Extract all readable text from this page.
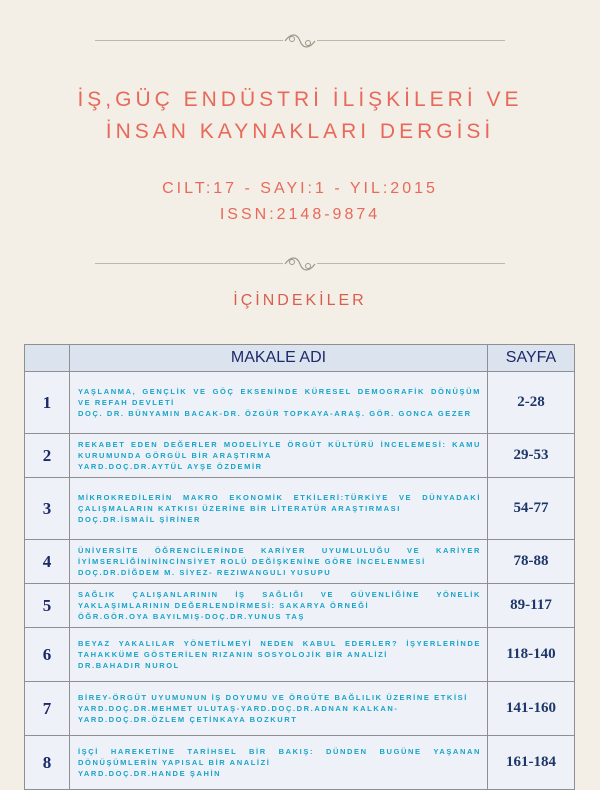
İŞ,GÜÇ ENDÜSTRİ İLİŞKİLERİ VE
İNSAN KAYNAKLARI DERGİSİ
CILT:17 - SAYI:1 - YIL:2015
ISSN:2148-9874
İÇİNDEKİLER
	MAKALE ADI	SAYFA
1	YAŞLANMA, GENÇLİK VE GÖÇ EKSENİNDE KÜRESEL DEMOGRAFİK DÖNÜŞÜM VE REFAH DEVLETİ
DOÇ. DR. BÜNYAMIN BACAK-DR. ÖZGÜR TOPKAYA-ARAŞ. GÖR. GONCA GEZER	2-28
2	REKABET EDEN DEĞERLER MODELİYLE ÖRGÜT KÜLTÜRÜ İNCELEMESİ: KAMU KURUMUNDA GÖRGÜL BİR ARAŞTIRMA
YARD.DOÇ.DR.AYTÜL AYŞE ÖZDEMİR	29-53
3	MİKROKREDİLERİN MAKRO EKONOMİK ETKİLERİ:TÜRKİYE VE DÜNYADAKİ ÇALIŞMALARIN KATKISI ÜZERİNE BİR LİTERATÜR ARAŞTIRMASI
DOÇ.DR.İSMAİL ŞİRİNER	54-77
4	ÜNİVERSİTE ÖĞRENCİLERİNDE KARİYER UYUMLULUĞU VE KARİYER İYİMSERLİĞİNİNİNCİNSİYET ROLÜ DEĞİŞKENİNE GÖRE İNCELENMESİ
DOÇ.DR.DİĞDEM M. SİYEZ- REZIWANGULI YUSUPU	78-88
5	SAĞLIK ÇALIŞANLARININ İŞ SAĞLIĞI VE GÜVENLİĞİNE YÖNELİK YAKLAŞIMLARININ DEĞERLENDİRMESİ: SAKARYA ÖRNEĞİ
ÖĞR.GÖR.OYA BAYILMIŞ-DOÇ.DR.YUNUS TAŞ	89-117
6	BEYAZ YAKALILAR YÖNETİLMEYİ NEDEN KABUL EDERLER? İŞYERLERİNDE TAHAKKÜME GÖSTERİLEN RIZANIN SOSYOLOJİK BİR ANALİZİ
DR.BAHADIR NUROL	118-140
7	BİREY-ÖRGÜT UYUMUNUN İŞ DOYUMU VE ÖRGÜTE BAĞLILIK ÜZERİNE ETKİSİ
YARD.DOÇ.DR.MEHMET ULUTAŞ-YARD.DOÇ.DR.ADNAN KALKAN-YARD.DOÇ.DR.ÖZLEM ÇETİNKAYA BOZKURT	141-160
8	İŞÇİ HAREKETİNE TARİHSEL BİR BAKIŞ: DÜNDEN BUGÜNE YAŞANAN DÖNÜŞÜMLERİN YAPISAL BİR ANALİZİ
YARD.DOÇ.DR.HANDE ŞAHİN	161-184
